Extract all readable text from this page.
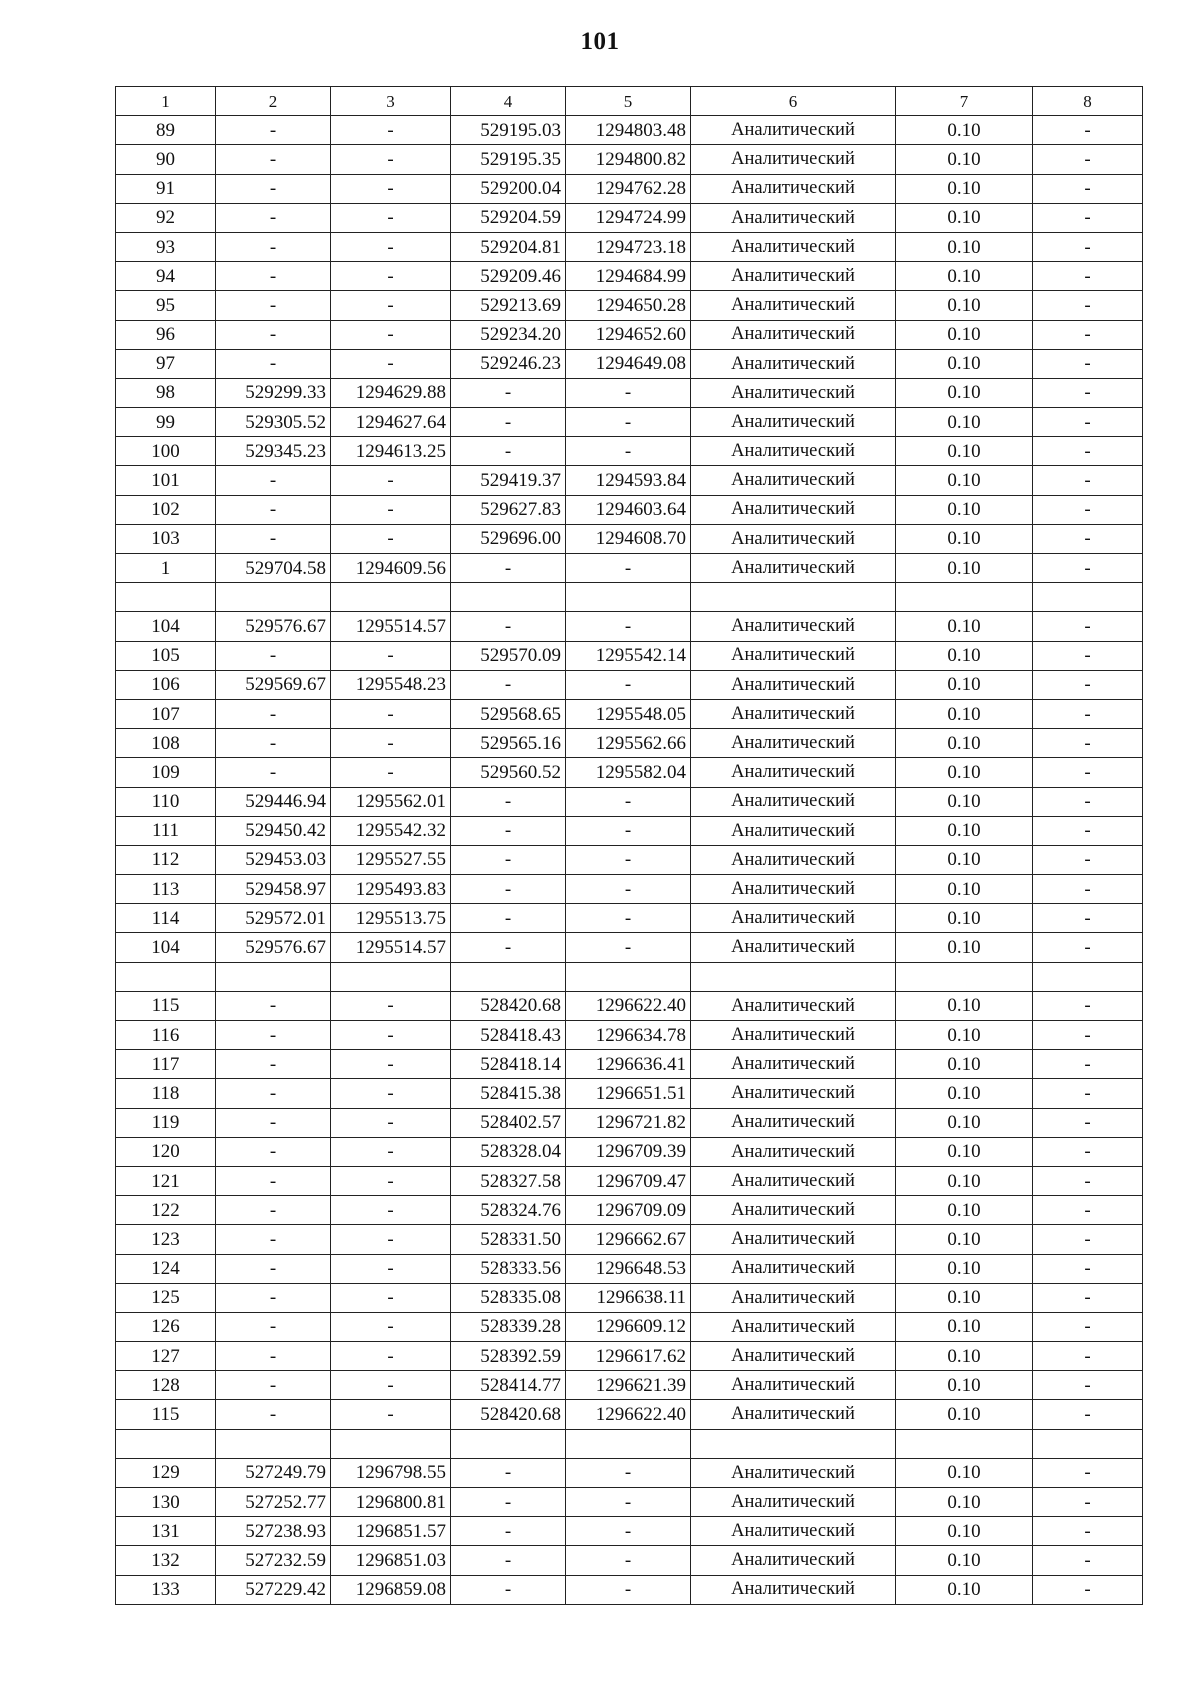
101
1	2	3	4	5	6	7	8
89	-	-	529195.03	1294803.48	Аналитический	0.10	-
90	-	-	529195.35	1294800.82	Аналитический	0.10	-
91	-	-	529200.04	1294762.28	Аналитический	0.10	-
92	-	-	529204.59	1294724.99	Аналитический	0.10	-
93	-	-	529204.81	1294723.18	Аналитический	0.10	-
94	-	-	529209.46	1294684.99	Аналитический	0.10	-
95	-	-	529213.69	1294650.28	Аналитический	0.10	-
96	-	-	529234.20	1294652.60	Аналитический	0.10	-
97	-	-	529246.23	1294649.08	Аналитический	0.10	-
98	529299.33	1294629.88	-	-	Аналитический	0.10	-
99	529305.52	1294627.64	-	-	Аналитический	0.10	-
100	529345.23	1294613.25	-	-	Аналитический	0.10	-
101	-	-	529419.37	1294593.84	Аналитический	0.10	-
102	-	-	529627.83	1294603.64	Аналитический	0.10	-
103	-	-	529696.00	1294608.70	Аналитический	0.10	-
1	529704.58	1294609.56	-	-	Аналитический	0.10	-

104	529576.67	1295514.57	-	-	Аналитический	0.10	-
105	-	-	529570.09	1295542.14	Аналитический	0.10	-
106	529569.67	1295548.23	-	-	Аналитический	0.10	-
107	-	-	529568.65	1295548.05	Аналитический	0.10	-
108	-	-	529565.16	1295562.66	Аналитический	0.10	-
109	-	-	529560.52	1295582.04	Аналитический	0.10	-
110	529446.94	1295562.01	-	-	Аналитический	0.10	-
111	529450.42	1295542.32	-	-	Аналитический	0.10	-
112	529453.03	1295527.55	-	-	Аналитический	0.10	-
113	529458.97	1295493.83	-	-	Аналитический	0.10	-
114	529572.01	1295513.75	-	-	Аналитический	0.10	-
104	529576.67	1295514.57	-	-	Аналитический	0.10	-

115	-	-	528420.68	1296622.40	Аналитический	0.10	-
116	-	-	528418.43	1296634.78	Аналитический	0.10	-
117	-	-	528418.14	1296636.41	Аналитический	0.10	-
118	-	-	528415.38	1296651.51	Аналитический	0.10	-
119	-	-	528402.57	1296721.82	Аналитический	0.10	-
120	-	-	528328.04	1296709.39	Аналитический	0.10	-
121	-	-	528327.58	1296709.47	Аналитический	0.10	-
122	-	-	528324.76	1296709.09	Аналитический	0.10	-
123	-	-	528331.50	1296662.67	Аналитический	0.10	-
124	-	-	528333.56	1296648.53	Аналитический	0.10	-
125	-	-	528335.08	1296638.11	Аналитический	0.10	-
126	-	-	528339.28	1296609.12	Аналитический	0.10	-
127	-	-	528392.59	1296617.62	Аналитический	0.10	-
128	-	-	528414.77	1296621.39	Аналитический	0.10	-
115	-	-	528420.68	1296622.40	Аналитический	0.10	-

129	527249.79	1296798.55	-	-	Аналитический	0.10	-
130	527252.77	1296800.81	-	-	Аналитический	0.10	-
131	527238.93	1296851.57	-	-	Аналитический	0.10	-
132	527232.59	1296851.03	-	-	Аналитический	0.10	-
133	527229.42	1296859.08	-	-	Аналитический	0.10	-
